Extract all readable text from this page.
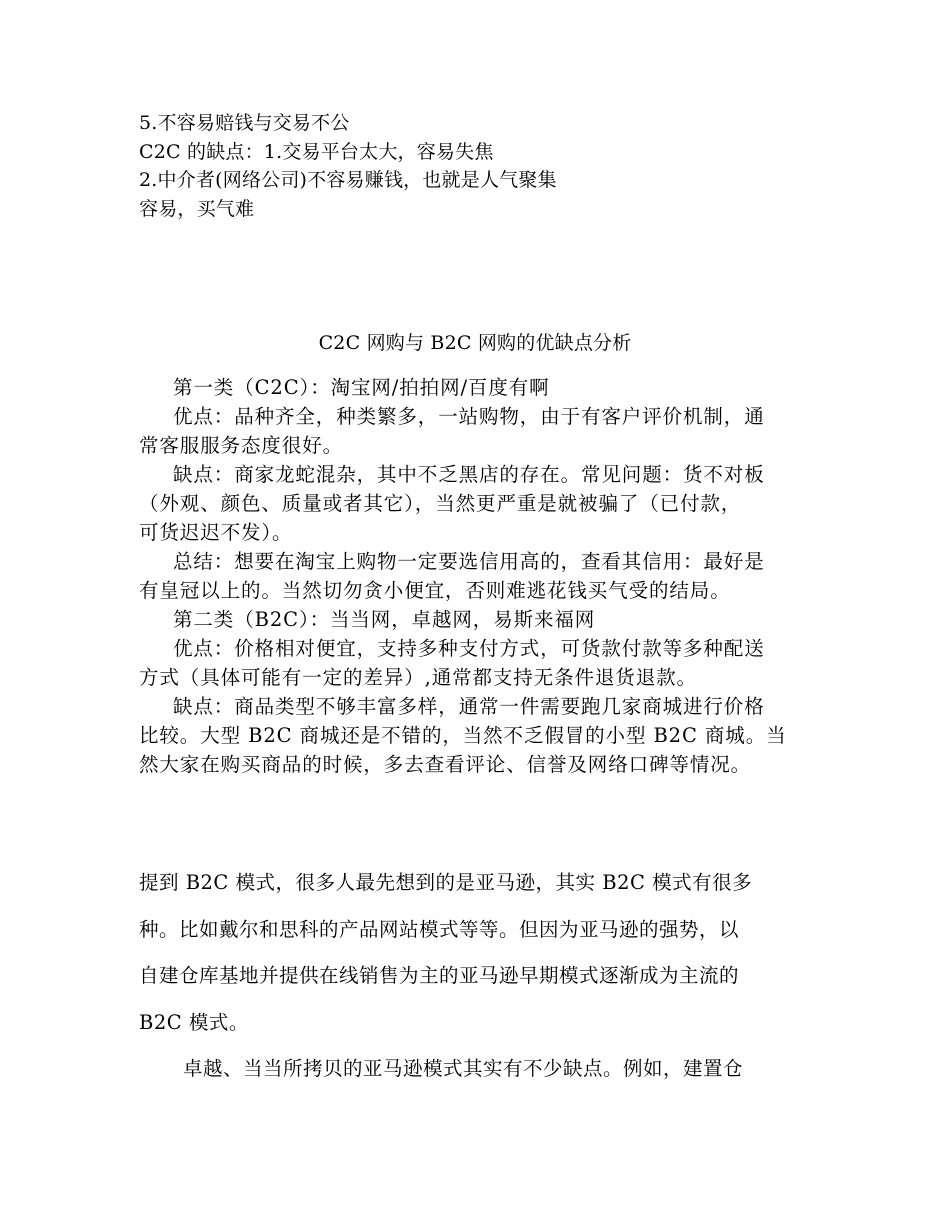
5.不容易赔钱与交易不公
C2C 的缺点：1.交易平台太大，容易失焦
2.中介者(网络公司)不容易赚钱，也就是人气聚集
容易，买气难
C2C 网购与 B2C 网购的优缺点分析
第一类（C2C）：淘宝网/拍拍网/百度有啊
优点：品种齐全，种类繁多，一站购物，由于有客户评价机制，通
常客服服务态度很好。
缺点：商家龙蛇混杂，其中不乏黑店的存在。常见问题：货不对板
（外观、颜色、质量或者其它），当然更严重是就被骗了（已付款，
可货迟迟不发）。
总结：想要在淘宝上购物一定要选信用高的，查看其信用：最好是
有皇冠以上的。当然切勿贪小便宜，否则难逃花钱买气受的结局。
第二类（B2C）：当当网，卓越网，易斯来福网
优点：价格相对便宜，支持多种支付方式，可货款付款等多种配送
方式（具体可能有一定的差异）,通常都支持无条件退货退款。
缺点：商品类型不够丰富多样，通常一件需要跑几家商城进行价格
比较。大型 B2C 商城还是不错的，当然不乏假冒的小型 B2C 商城。当
然大家在购买商品的时候，多去查看评论、信誉及网络口碑等情况。
提到 B2C 模式，很多人最先想到的是亚马逊，其实 B2C 模式有很多
种。比如戴尔和思科的产品网站模式等等。但因为亚马逊的强势，以
自建仓库基地并提供在线销售为主的亚马逊早期模式逐渐成为主流的
B2C 模式。
卓越、当当所拷贝的亚马逊模式其实有不少缺点。例如，建置仓
